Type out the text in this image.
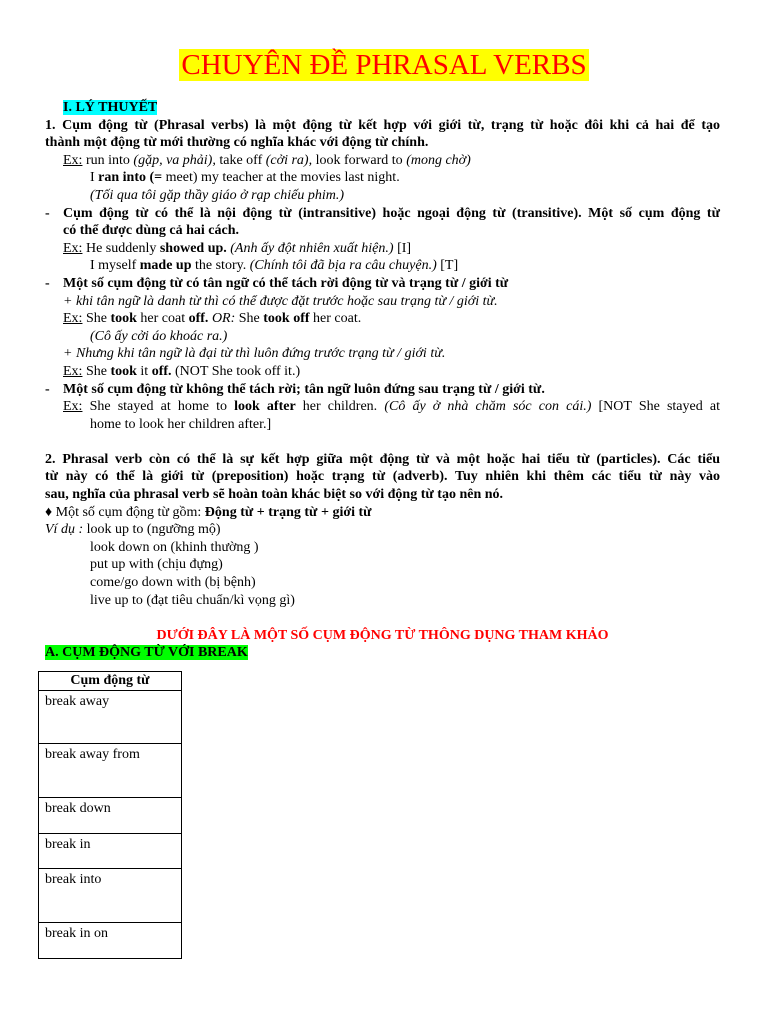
CHUYÊN ĐỀ PHRASAL VERBS
I. LÝ THUYẾT
1. Cụm động từ (Phrasal verbs) là một động từ kết hợp với giới từ, trạng từ hoặc đôi khi cả hai để tạo
thành một động từ mới thường có nghĩa khác với động từ chính.
Ex: run into (gặp, va phải), take off (cởi ra), look forward to (mong chờ)
I ran into (= meet) my teacher at the movies last night.
(Tối qua tôi gặp thầy giáo ở rạp chiếu phim.)
- Cụm động từ có thể là nội động từ (intransitive) hoặc ngoại động từ (transitive). Một số cụm động từ
có thể được dùng cả hai cách.
Ex: He suddenly showed up. (Anh ấy đột nhiên xuất hiện.) [I]
I myself made up the story. (Chính tôi đã bịa ra câu chuyện.) [T]
- Một số cụm động từ có tân ngữ có thể tách rời động từ và trạng từ / giới từ
+ khi tân ngữ là danh từ thì có thể được đặt trước hoặc sau trạng từ / giới từ.
Ex: She took her coat off. OR: She took off her coat.
(Cô ấy cởi áo khoác ra.)
+ Nhưng khi tân ngữ là đại từ thì luôn đứng trước trạng từ / giới từ.
Ex: She took it off. (NOT She took off it.)
- Một số cụm động từ không thể tách rời; tân ngữ luôn đứng sau trạng từ / giới từ.
Ex: She stayed at home to look after her children. (Cô ấy ở nhà chăm sóc con cái.) [NOT She stayed at
home to look her children after.]
2. Phrasal verb còn có thể là sự kết hợp giữa một động từ và một hoặc hai tiểu từ (particles). Các tiểu
từ này có thể là giới từ (preposition) hoặc trạng từ (adverb). Tuy nhiên khi thêm các tiểu từ này vào
sau, nghĩa của phrasal verb sẽ hoàn toàn khác biệt so với động từ tạo nên nó.
♦ Một số cụm động từ gồm: Động từ + trạng từ + giới từ
Ví dụ : look up to (ngưỡng mộ)
look down on (khinh thường )
put up with (chịu đựng)
come/go down with (bị bệnh)
live up to (đạt tiêu chuẩn/kì vọng gì)
DƯỚI ĐÂY LÀ MỘT SỐ CỤM ĐỘNG TỪ THÔNG DỤNG THAM KHẢO
A. CỤM ĐỘNG TỪ VỚI BREAK
Cụm động từ
break away
break away from
break down
break in
break into
break in on
